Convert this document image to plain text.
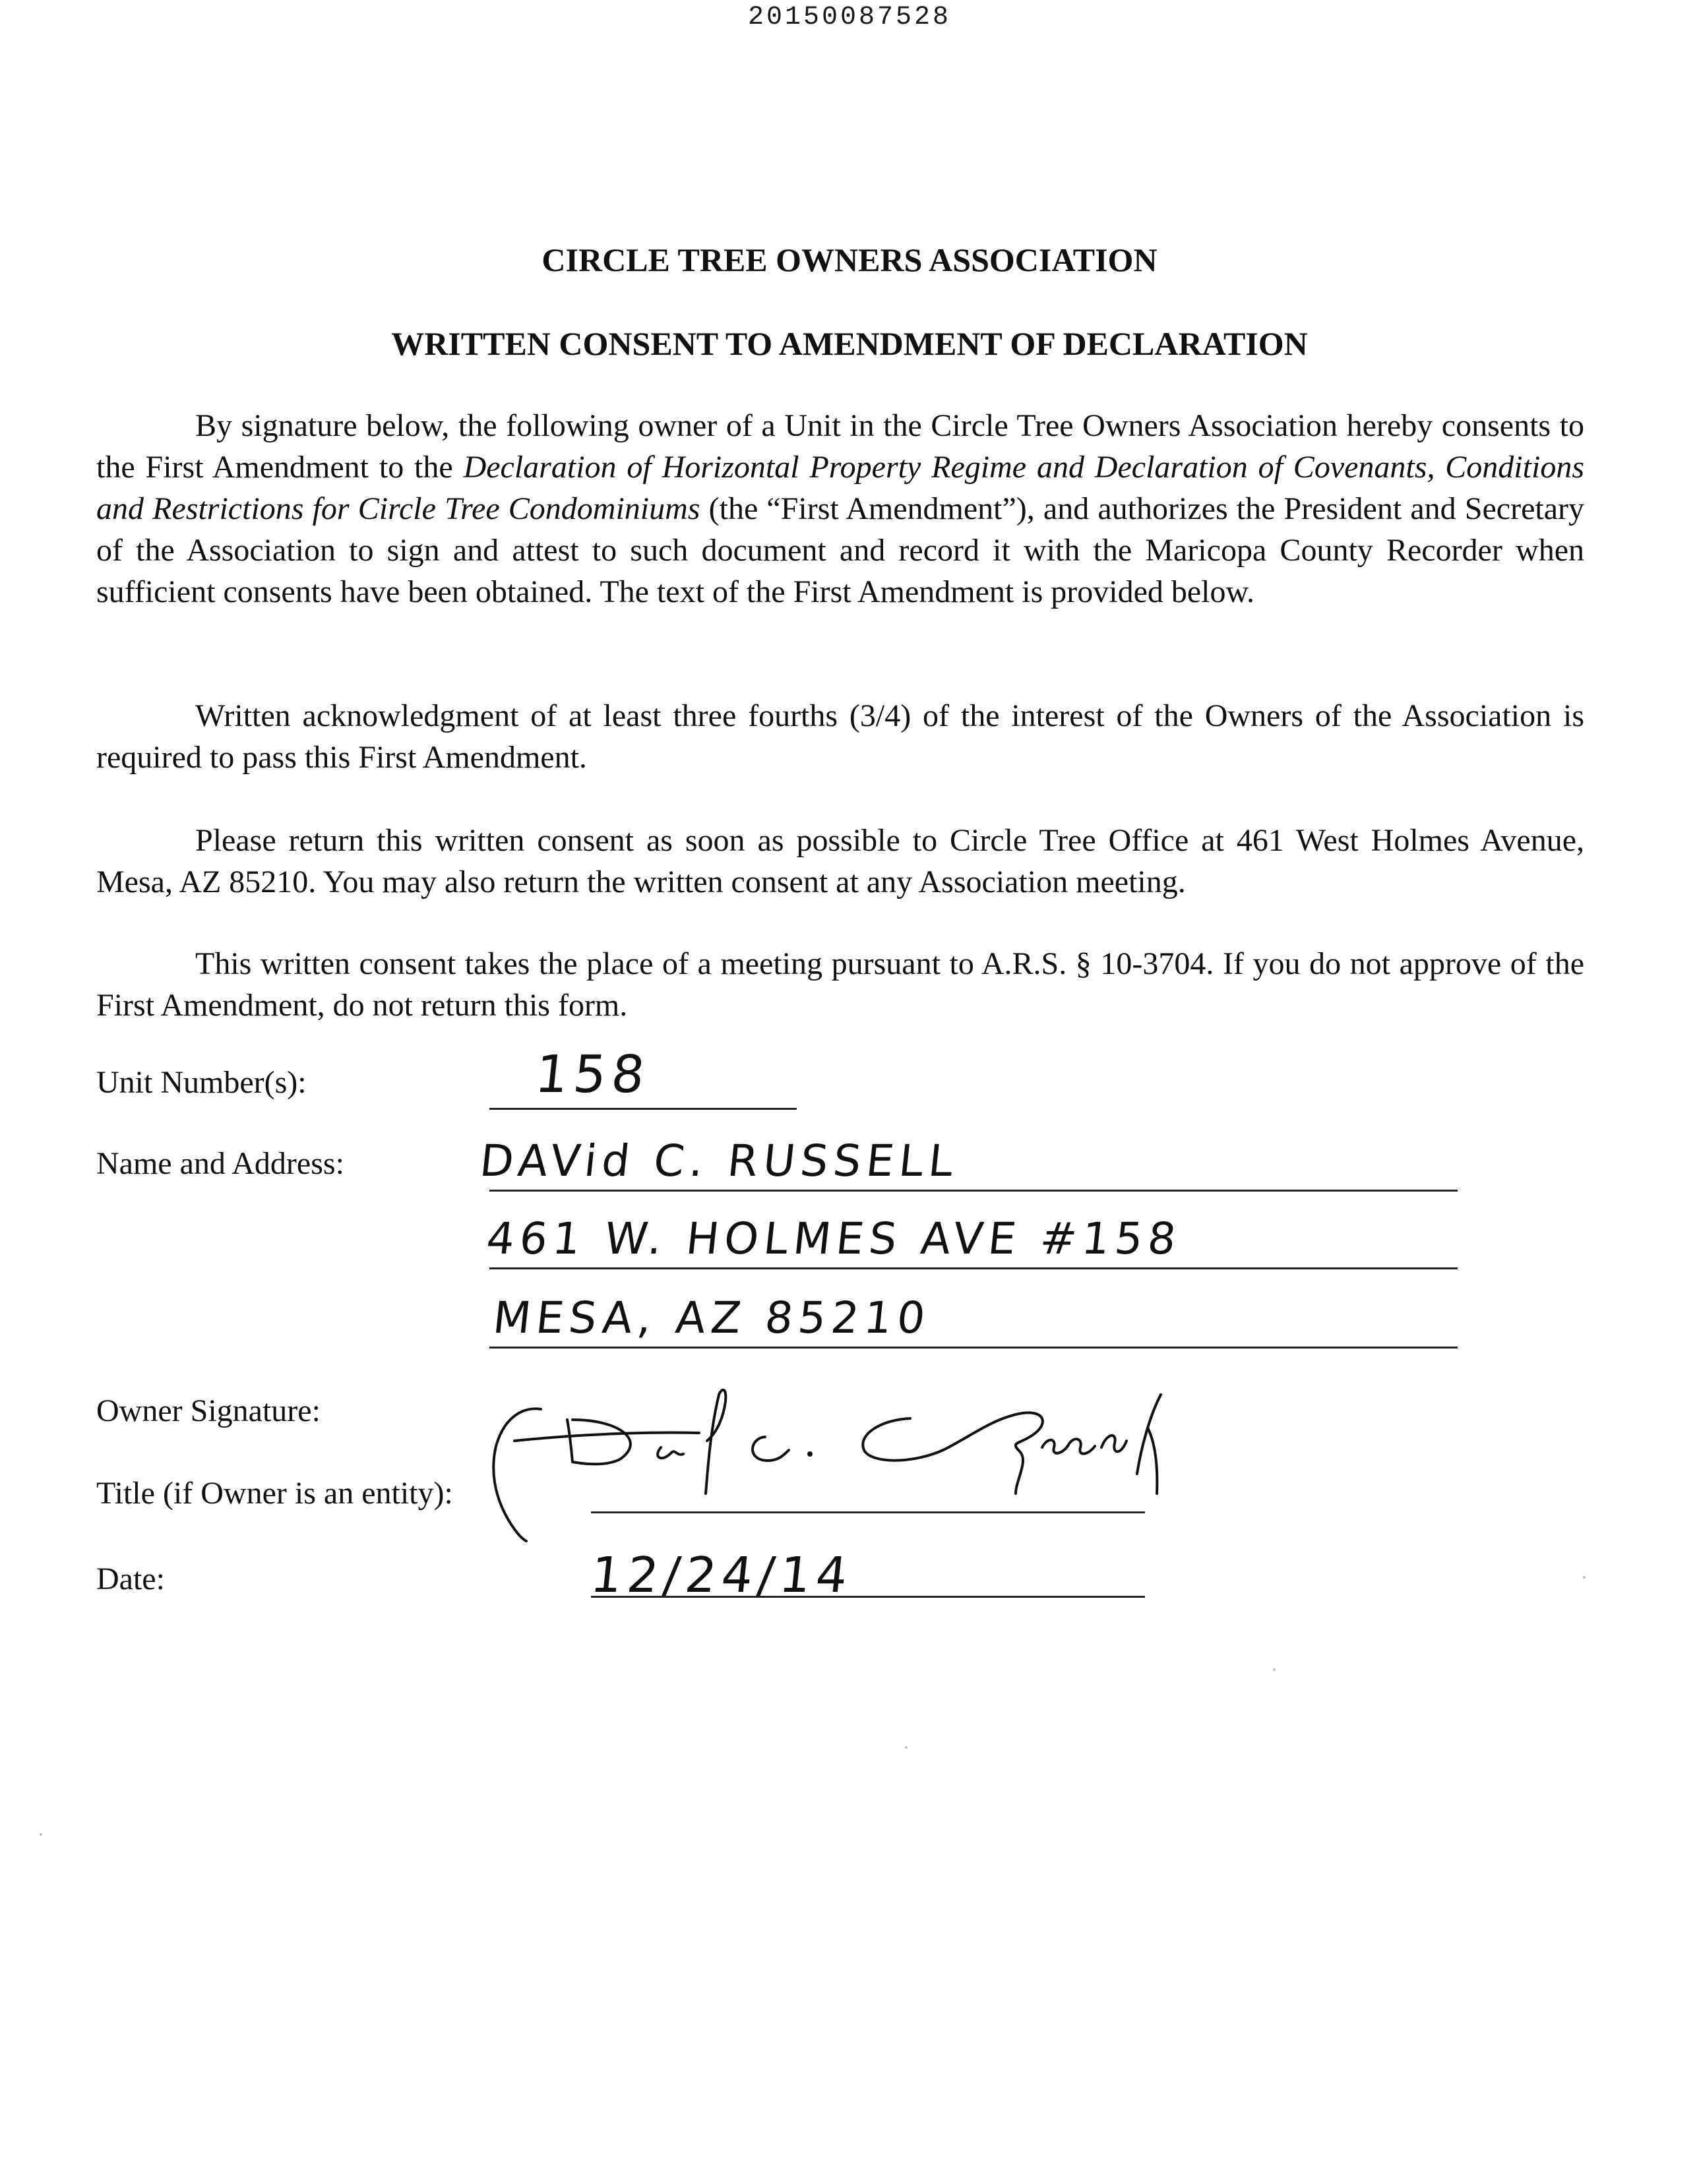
20150087528
CIRCLE TREE OWNERS ASSOCIATION
WRITTEN CONSENT TO AMENDMENT OF DECLARATION

By signature below, the following owner of a Unit in the Circle Tree Owners Association hereby consents to the First Amendment to the Declaration of Horizontal Property Regime and Declaration of Covenants, Conditions and Restrictions for Circle Tree Condominiums (the “First Amendment”), and authorizes the President and Secretary of the Association to sign and attest to such document and record it with the Maricopa County Recorder when sufficient consents have been obtained. The text of the First Amendment is provided below.

Written acknowledgment of at least three fourths (3/4) of the interest of the Owners of the Association is required to pass this First Amendment.

Please return this written consent as soon as possible to Circle Tree Office at 461 West Holmes Avenue, Mesa, AZ 85210. You may also return the written consent at any Association meeting.

This written consent takes the place of a meeting pursuant to A.R.S. § 10-3704. If you do not approve of the First Amendment, do not return this form.

Unit Number(s):	158
Name and Address:	DAVid C. RUSSELL
461 W. HOLMES AVE #158
MESA, AZ 85210
Owner Signature:
Title (if Owner is an entity):
Date:	12/24/14
